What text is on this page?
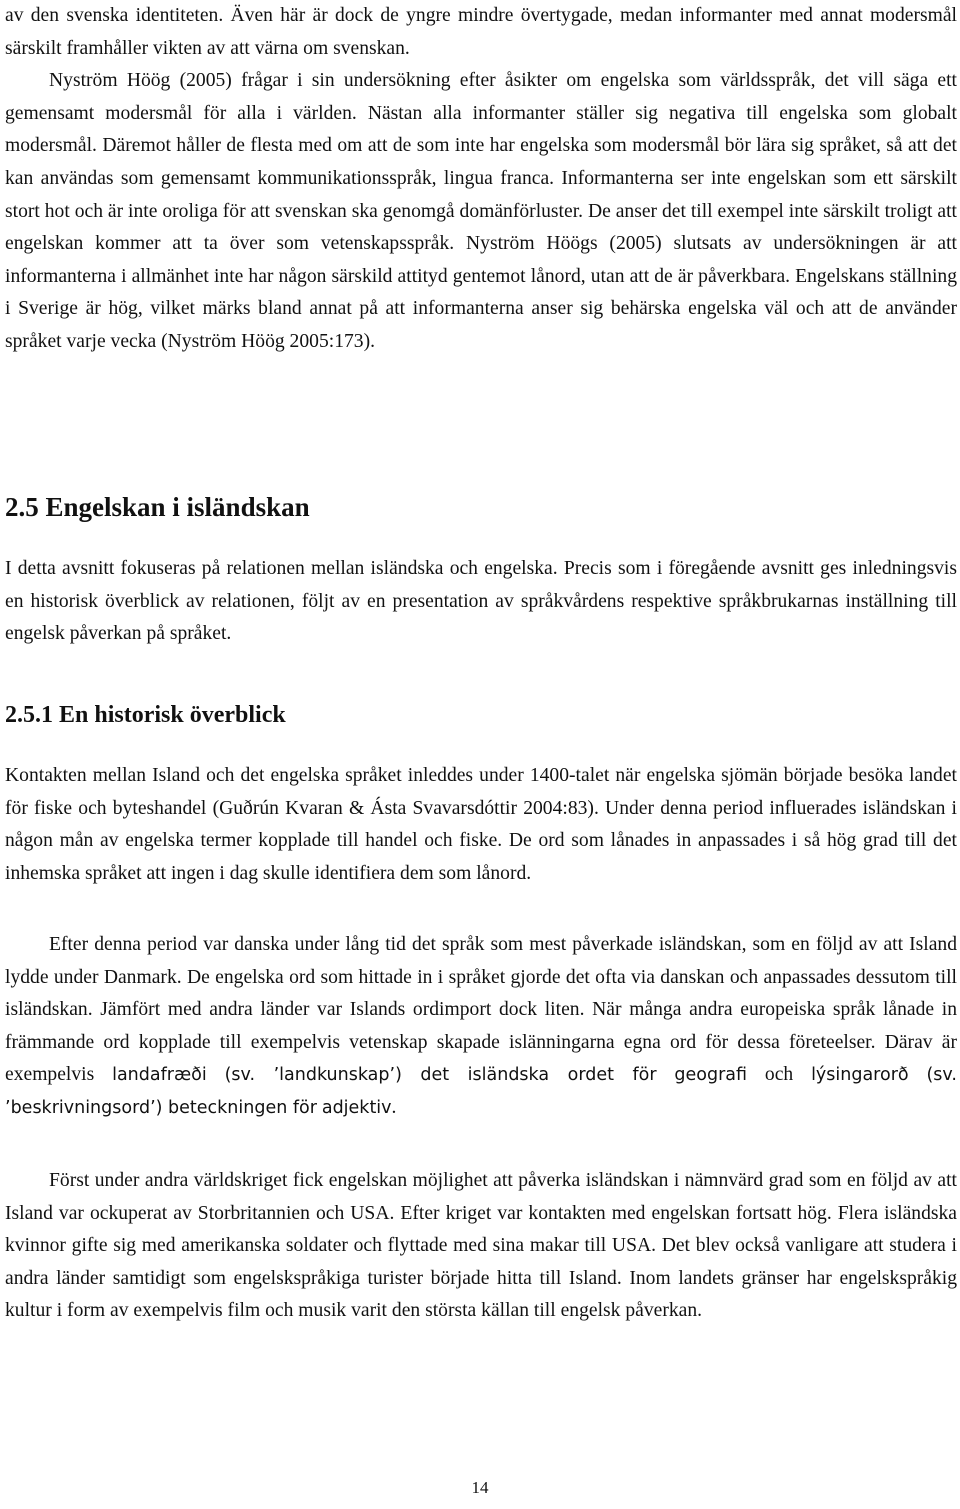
av den svenska identiteten. Även här är dock de yngre mindre övertygade, medan informanter med annat modersmål särskilt framhåller vikten av att värna om svenskan.

Nyström Höög (2005) frågar i sin undersökning efter åsikter om engelska som världsspråk, det vill säga ett gemensamt modersmål för alla i världen. Nästan alla informanter ställer sig negativa till engelska som globalt modersmål. Däremot håller de flesta med om att de som inte har engelska som modersmål bör lära sig språket, så att det kan användas som gemensamt kommunikationsspråk, lingua franca. Informanterna ser inte engelskan som ett särskilt stort hot och är inte oroliga för att svenskan ska genomgå domänförluster. De anser det till exempel inte särskilt troligt att engelskan kommer att ta över som vetenskapsspråk. Nyström Höögs (2005) slutsats av undersökningen är att informanterna i allmänhet inte har någon särskild attityd gentemot lånord, utan att de är påverkbara. Engelskans ställning i Sverige är hög, vilket märks bland annat på att informanterna anser sig behärska engelska väl och att de använder språket varje vecka (Nyström Höög 2005:173).

2.5 Engelskan i isländskan

I detta avsnitt fokuseras på relationen mellan isländska och engelska. Precis som i föregående avsnitt ges inledningsvis en historisk överblick av relationen, följt av en presentation av språkvårdens respektive språkbrukarnas inställning till engelsk påverkan på språket.

2.5.1 En historisk överblick

Kontakten mellan Island och det engelska språket inleddes under 1400-talet när engelska sjömän började besöka landet för fiske och byteshandel (Guðrún Kvaran & Ásta Svavarsdóttir 2004:83). Under denna period influerades isländskan i någon mån av engelska termer kopplade till handel och fiske. De ord som lånades in anpassades i så hög grad till det inhemska språket att ingen i dag skulle identifiera dem som lånord.

Efter denna period var danska under lång tid det språk som mest påverkade isländskan, som en följd av att Island lydde under Danmark. De engelska ord som hittade in i språket gjorde det ofta via danskan och anpassades dessutom till isländskan. Jämfört med andra länder var Islands ordimport dock liten. När många andra europeiska språk lånade in främmande ord kopplade till exempelvis vetenskap skapade islänningarna egna ord för dessa företeelser. Därav är exempelvis landafræði (sv. ’landkunskap’) det isländska ordet för geografi och lýsingarorð (sv. ’beskrivningsord’) beteckningen för adjektiv.

Först under andra världskriget fick engelskan möjlighet att påverka isländskan i nämnvärd grad som en följd av att Island var ockuperat av Storbritannien och USA. Efter kriget var kontakten med engelskan fortsatt hög. Flera isländska kvinnor gifte sig med amerikanska soldater och flyttade med sina makar till USA. Det blev också vanligare att studera i andra länder samtidigt som engelskspråkiga turister började hitta till Island. Inom landets gränser har engelskspråkig kultur i form av exempelvis film och musik varit den största källan till engelsk påverkan.

14
